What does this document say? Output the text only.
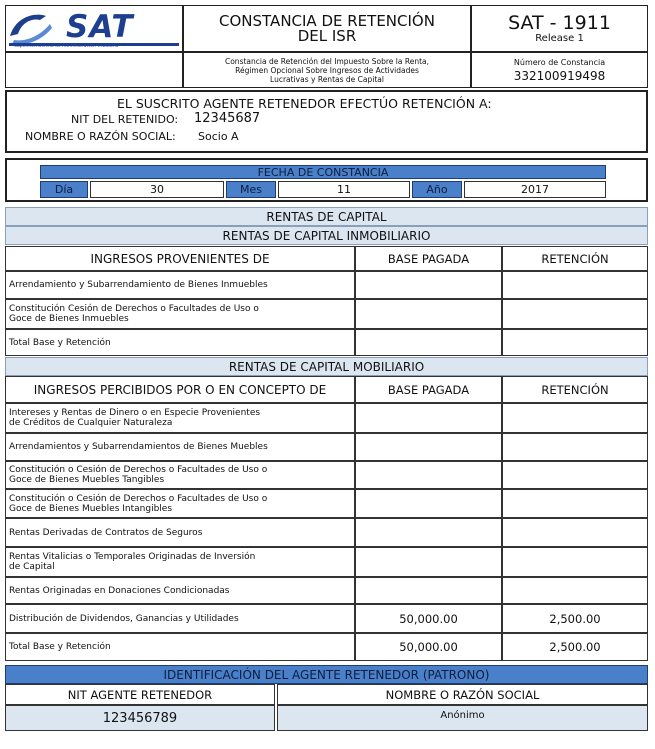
SAT
Superintendencia de Administración Tributaria
CONSTANCIA DE RETENCIÓN
DEL ISR
SAT - 1911
Release 1
Constancia de Retención del Impuesto Sobre la Renta,
Régimen Opcional Sobre Ingresos de Actividades
Lucrativas y Rentas de Capital
Número de Constancia
332100919498
EL SUSCRITO AGENTE RETENEDOR EFECTÚO RETENCIÓN A:
NIT DEL RETENIDO: 12345687
NOMBRE O RAZÓN SOCIAL: Socio A
FECHA DE CONSTANCIA
Día	30	Mes	11	Año	2017
RENTAS DE CAPITAL
RENTAS DE CAPITAL INMOBILIARIO
INGRESOS PROVENIENTES DE	BASE PAGADA	RETENCIÓN
Arrendamiento y Subarrendamiento de Bienes Inmuebles
Constitución Cesión de Derechos o Facultades de Uso o
Goce de Bienes Inmuebles
Total Base y Retención
RENTAS DE CAPITAL MOBILIARIO
INGRESOS PERCIBIDOS POR O EN CONCEPTO DE	BASE PAGADA	RETENCIÓN
Intereses y Rentas de Dinero o en Especie Provenientes
de Créditos de Cualquier Naturaleza
Arrendamientos y Subarrendamientos de Bienes Muebles
Constitución o Cesión de Derechos o Facultades de Uso o
Goce de Bienes Muebles Tangibles
Constitución o Cesión de Derechos o Facultades de Uso o
Goce de Bienes Muebles Intangibles
Rentas Derivadas de Contratos de Seguros
Rentas Vitalicias o Temporales Originadas de Inversión
de Capital
Rentas Originadas en Donaciones Condicionadas
Distribución de Dividendos, Ganancias y Utilidades	50,000.00	2,500.00
Total Base y Retención	50,000.00	2,500.00
IDENTIFICACIÓN DEL AGENTE RETENEDOR (PATRONO)
NIT AGENTE RETENEDOR	NOMBRE O RAZÓN SOCIAL
123456789	Anónimo
